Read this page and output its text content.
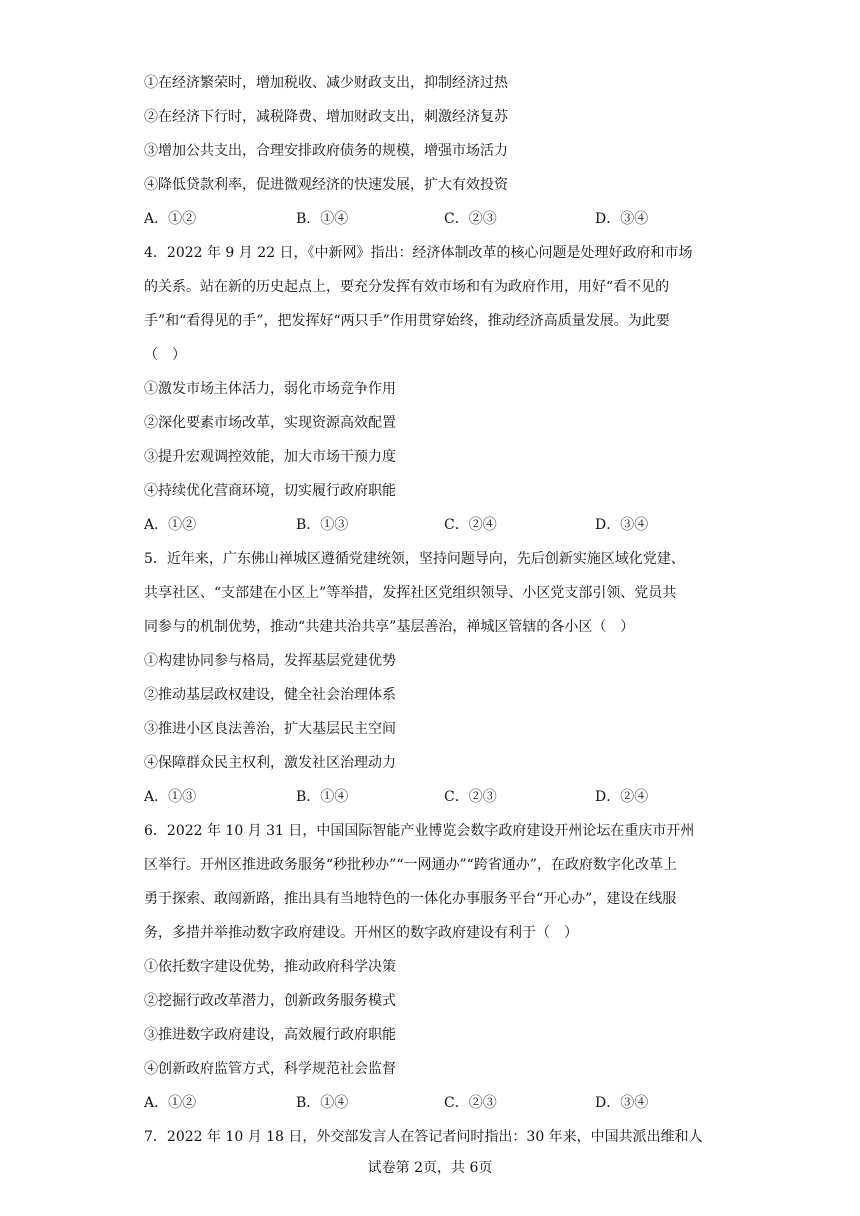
①在经济繁荣时，增加税收、减少财政支出，抑制经济过热
②在经济下行时，减税降费、增加财政支出，刺激经济复苏
③增加公共支出，合理安排政府债务的规模，增强市场活力
④降低贷款利率，促进微观经济的快速发展，扩大有效投资
A．①②	B．①④	C．②③	D．③④
4．2022 年 9 月 22 日，《中新网》指出：经济体制改革的核心问题是处理好政府和市场
的关系。站在新的历史起点上，要充分发挥有效市场和有为政府作用，用好“看不见的
手”和“看得见的手”，把发挥好“两只手”作用贯穿始终，推动经济高质量发展。为此要
（　）
①激发市场主体活力，弱化市场竞争作用
②深化要素市场改革，实现资源高效配置
③提升宏观调控效能，加大市场干预力度
④持续优化营商环境，切实履行政府职能
A．①②	B．①③	C．②④	D．③④
5．近年来，广东佛山禅城区遵循党建统领，坚持问题导向，先后创新实施区域化党建、
共享社区、“支部建在小区上”等举措，发挥社区党组织领导、小区党支部引领、党员共
同参与的机制优势，推动“共建共治共享”基层善治，禅城区管辖的各小区（　）
①构建协同参与格局，发挥基层党建优势
②推动基层政权建设，健全社会治理体系
③推进小区良法善治，扩大基层民主空间
④保障群众民主权利，激发社区治理动力
A．①③	B．①④	C．②③	D．②④
6．2022 年 10 月 31 日，中国国际智能产业博览会数字政府建设开州论坛在重庆市开州
区举行。开州区推进政务服务“秒批秒办”“一网通办”“跨省通办”，在政府数字化改革上
勇于探索、敢闯新路，推出具有当地特色的一体化办事服务平台“开心办”，建设在线服
务，多措并举推动数字政府建设。开州区的数字政府建设有利于（　）
①依托数字建设优势，推动政府科学决策
②挖掘行政改革潜力，创新政务服务模式
③推进数字政府建设，高效履行政府职能
④创新政府监管方式，科学规范社会监督
A．①②	B．①④	C．②③	D．③④
7．2022 年 10 月 18 日，外交部发言人在答记者问时指出：30 年来，中国共派出维和人
试卷第 2页，共 6页
